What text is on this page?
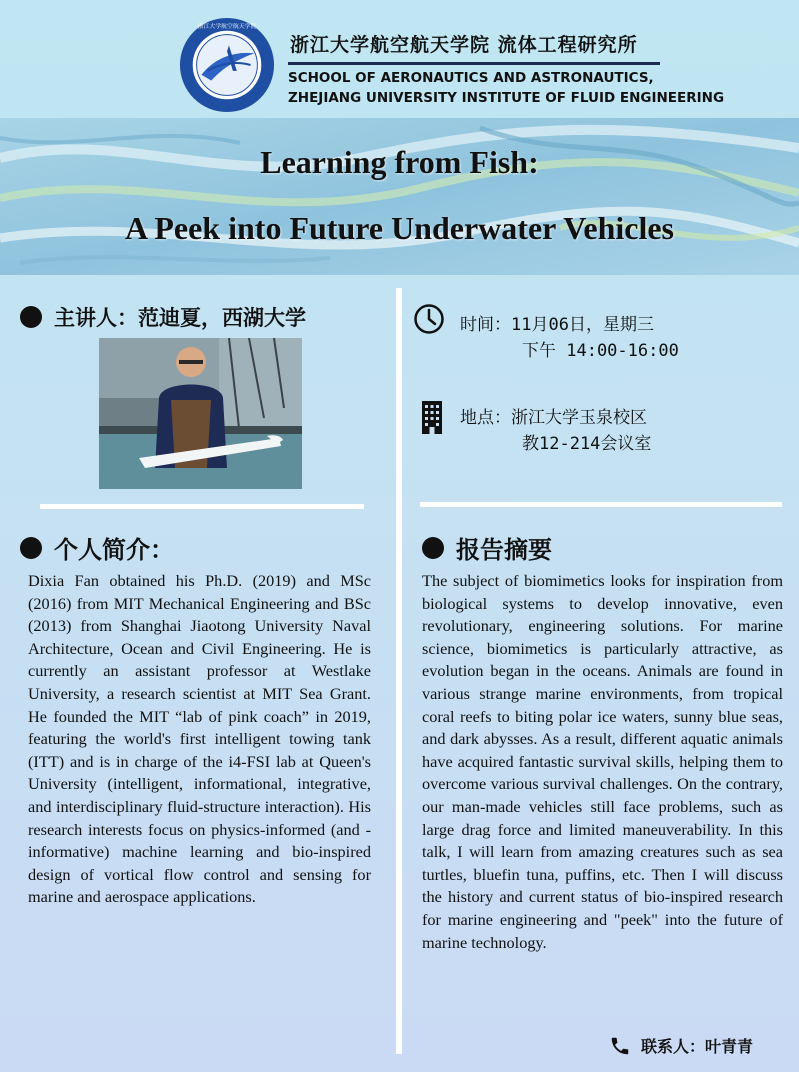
浙江大学航空航天学院
浙江大学航空航天学院 流体工程研究所
SCHOOL OF AERONAUTICS AND ASTRONAUTICS,
ZHEJIANG UNIVERSITY INSTITUTE OF FLUID ENGINEERING
Learning from Fish:
A Peek into Future Underwater Vehicles
主讲人：范迪夏，西湖大学	时间：11月06日，星期三
下午 14:00-16:00
地点：浙江大学玉泉校区
教12-214会议室
个人简介：
Dixia Fan obtained his Ph.D. (2019) and MSc (2016) from MIT Mechanical Engineering and BSc (2013) from Shanghai Jiaotong University Naval Architecture, Ocean and Civil Engineering. He is currently an assistant professor at Westlake University, a research scientist at MIT Sea Grant. He founded the MIT “lab of pink coach” in 2019, featuring the world's first intelligent towing tank (ITT) and is in charge of the i4-FSI lab at Queen's University (intelligent, informational, integrative, and interdisciplinary fluid-structure interaction). His research interests focus on physics-informed (and - informative) machine learning and bio-inspired design of vortical flow control and sensing for marine and aerospace applications.
报告摘要
The subject of biomimetics looks for inspiration from biological systems to develop innovative, even revolutionary, engineering solutions. For marine science, biomimetics is particularly attractive, as evolution began in the oceans. Animals are found in various strange marine environments, from tropical coral reefs to biting polar ice waters, sunny blue seas, and dark abysses. As a result, different aquatic animals have acquired fantastic survival skills, helping them to overcome various survival challenges. On the contrary, our man-made vehicles still face problems, such as large drag force and limited maneuverability. In this talk, I will learn from amazing creatures such as sea turtles, bluefin tuna, puffins, etc. Then I will discuss the history and current status of bio-inspired research for marine engineering and "peek" into the future of marine technology.
联系人：叶青青
